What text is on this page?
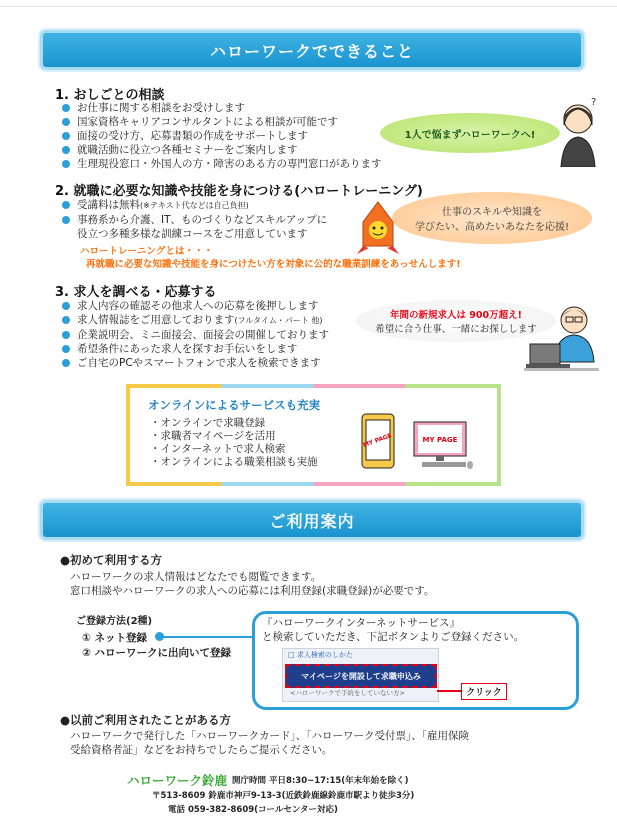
ハローワークでできること
1. おしごとの相談
お仕事に関する相談をお受けします
国家資格キャリアコンサルタントによる相談が可能です
面接の受け方、応募書類の作成をサポートします
就職活動に役立つ各種セミナーをご案内します
生理現役窓口・外国人の方・障害のある方の専門窓口があります
1人で悩まずハローワークへ!
?
2. 就職に必要な知識や技能を身につける(ハロートレーニング)
受講料は無料(※テキスト代などは自己負担)
事務系から介護、IT、ものづくりなどスキルアップに
役立つ多種多様な訓練コースをご用意しています
ハロートレーニングとは・・・
再就職に必要な知識や技能を身につけたい方を対象に公的な職業訓練をあっせんします!
仕事のスキルや知識を
学びたい、高めたいあなたを応援!
3. 求人を調べる・応募する
求人内容の確認その他求人への応募を後押しします
求人情報誌をご用意しております(フルタイム・パート 他)
企業説明会、ミニ面接会、面接会の開催しております
希望条件にあった求人を探すお手伝いをします
ご自宅のPCやスマートフォンで求人を検索できます
年間の新規求人は 900万超え!
希望に合う仕事、一緒にお探しします
オンラインによるサービスも充実
・オンラインで求職登録
・求職者マイページを活用
・インターネットで求人検索
・オンラインによる職業相談も実施
MY PAGE	MY PAGE
ご利用案内
●初めて利用する方
ハローワークの求人情報はどなたでも閲覧できます。
窓口相談やハローワークの求人への応募には利用登録(求職登録)が必要です。
ご登録方法(2種)
① ネット登録
② ハローワークに出向いて登録
『ハローワークインターネットサービス』
と検索していただき、下記ボタンよりご登録ください。
□ 求人検索のしかた
マイページを開設して求職申込み
<ハローワークで手続をしていない方>	クリック
●以前ご利用されたことがある方
ハローワークで発行した「ハローワークカード」、「ハローワーク受付票」、「雇用保険
受給資格者証」などをお持ちでしたらご提示ください。
ハローワーク鈴鹿 開庁時間 平日8:30~17:15(年末年始を除く)
〒513-8609 鈴鹿市神戸9-13-3(近鉄鈴鹿線鈴鹿市駅より徒歩3分)
電話 059-382-8609(コールセンター対応)
